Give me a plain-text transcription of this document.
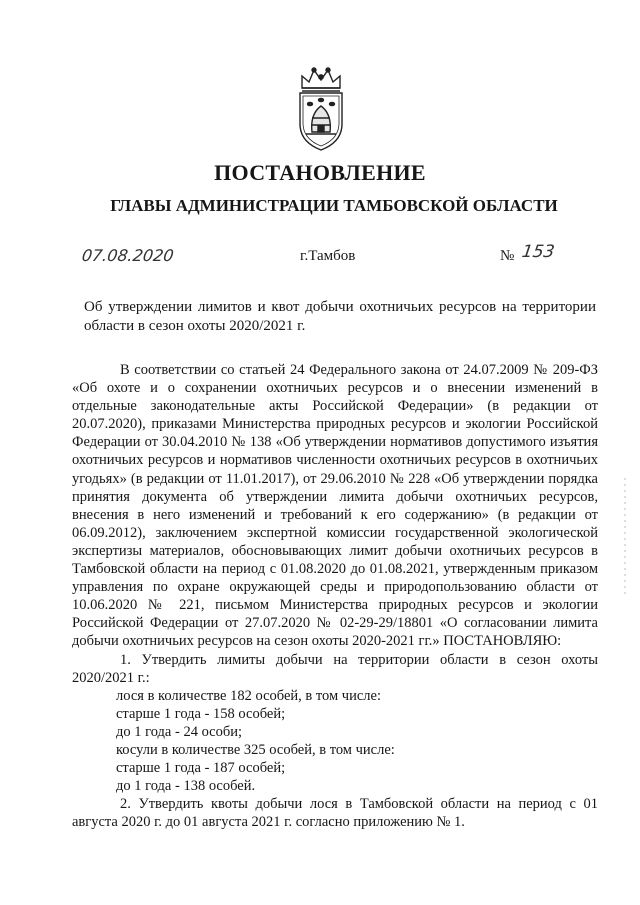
ПОСТАНОВЛЕНИЕ
ГЛАВЫ АДМИНИСТРАЦИИ ТАМБОВСКОЙ ОБЛАСТИ
07.08.2020	г.Тамбов	№ 153

Об утверждении лимитов и квот добычи охотничьих ресурсов на территории области в сезон охоты 2020/2021 г.

В соответствии со статьей 24 Федерального закона от 24.07.2009 № 209-ФЗ «Об охоте и о сохранении охотничьих ресурсов и о внесении изменений в отдельные законодательные акты Российской Федерации» (в редакции от 20.07.2020), приказами Министерства природных ресурсов и экологии Российской Федерации от 30.04.2010 № 138 «Об утверждении нормативов допустимого изъятия охотничьих ресурсов и нормативов численности охотничьих ресурсов в охотничьих угодьях» (в редакции от 11.01.2017), от 29.06.2010 № 228 «Об утверждении порядка принятия документа об утверждении лимита добычи охотничьих ресурсов, внесения в него изменений и требований к его содержанию» (в редакции от 06.09.2012), заключением экспертной комиссии государственной экологической экспертизы материалов, обосновывающих лимит добычи охотничьих ресурсов в Тамбовской области на период с 01.08.2020 до 01.08.2021, утвержденным приказом управления по охране окружающей среды и природопользованию области от 10.06.2020 № 221, письмом Министерства природных ресурсов и экологии Российской Федерации от 27.07.2020 № 02-29-29/18801 «О согласовании лимита добычи охотничьих ресурсов на сезон охоты 2020-2021 гг.» ПОСТАНОВЛЯЮ:

1. Утвердить лимиты добычи на территории области в сезон охоты 2020/2021 г.:

лося в количестве 182 особей, в том числе:

старше 1 года - 158 особей;

до 1 года - 24 особи;

косули в количестве 325 особей, в том числе:

старше 1 года - 187 особей;

до 1 года - 138 особей.

2. Утвердить квоты добычи лося в Тамбовской области на период с 01 августа 2020 г. до 01 августа 2021 г. согласно приложению № 1.
